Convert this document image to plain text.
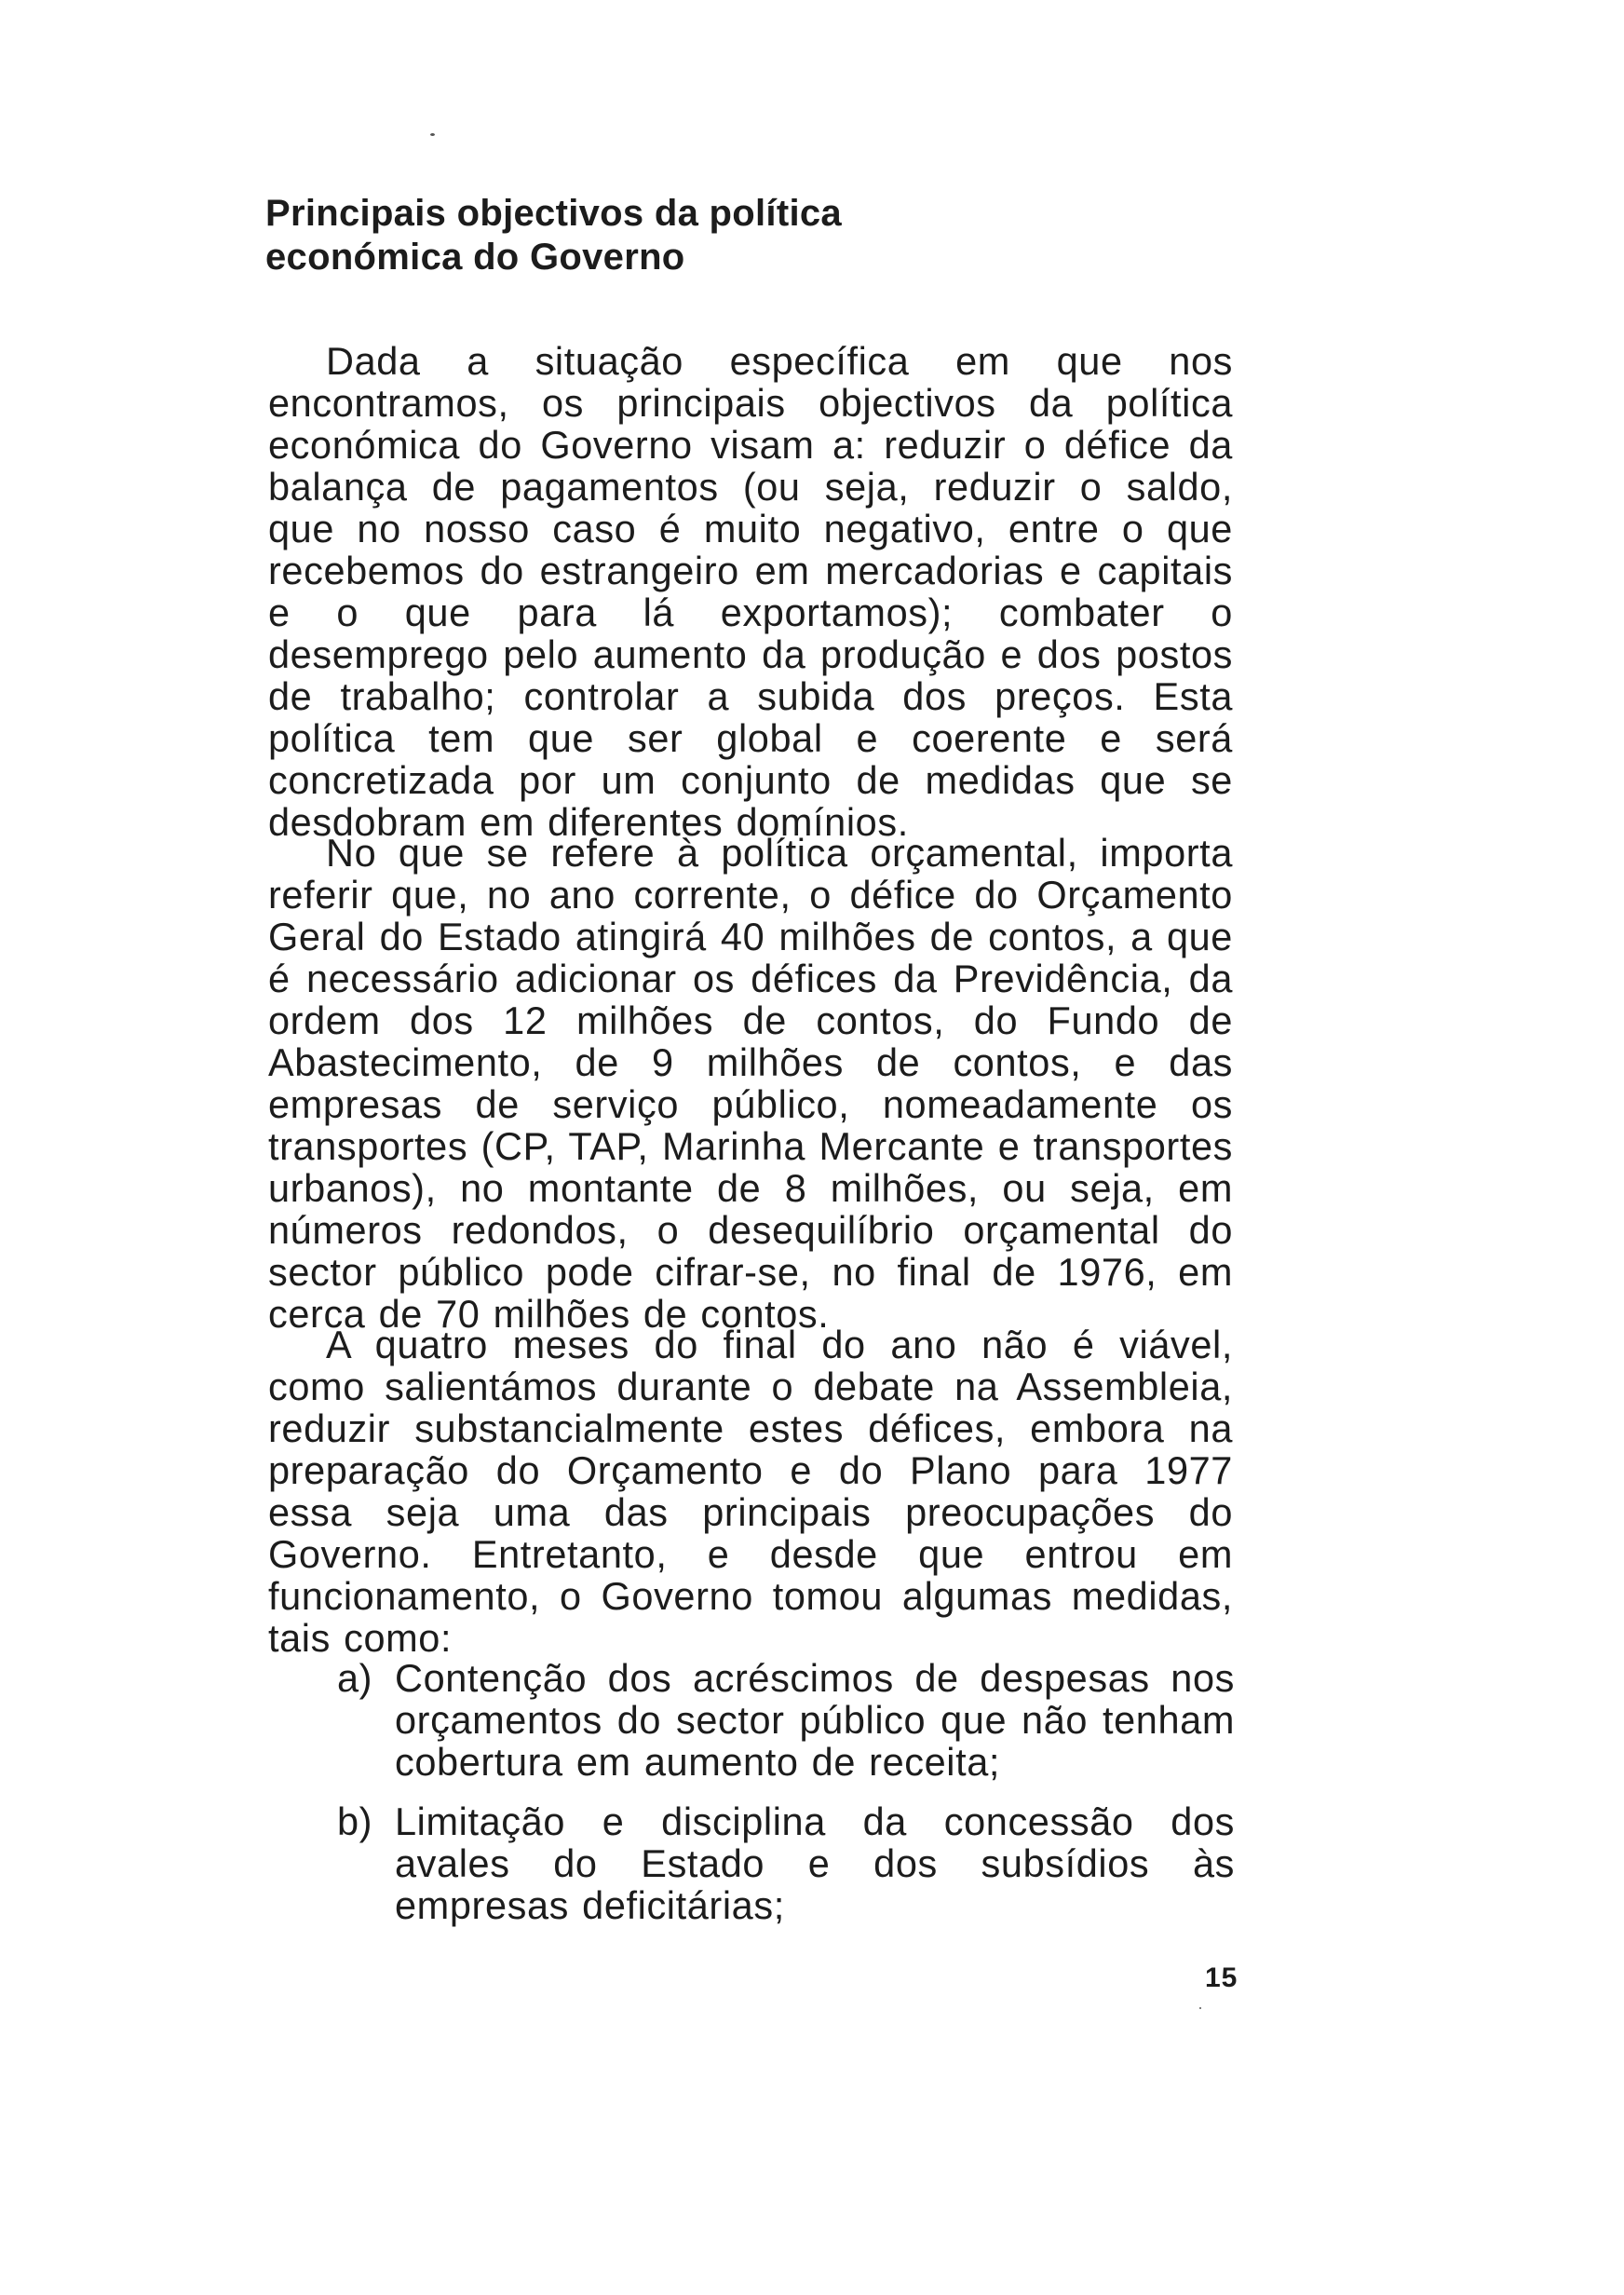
Principais objectivos da política
económica do Governo

Dada a situação específica em que nos encontramos, os principais objectivos da política económica do Governo visam a: reduzir o défice da balança de pagamentos (ou seja, reduzir o saldo, que no nosso caso é muito negativo, entre o que recebemos do estrangeiro em mercadorias e capitais e o que para lá exportamos); combater o desemprego pelo aumento da produção e dos postos de trabalho; controlar a subida dos preços. Esta política tem que ser global e coerente e será concretizada por um conjunto de medidas que se desdobram em diferentes domínios.

No que se refere à política orçamental, importa referir que, no ano corrente, o défice do Orçamento Geral do Estado atingirá 40 milhões de contos, a que é necessário adicionar os défices da Previdência, da ordem dos 12 milhões de contos, do Fundo de Abastecimento, de 9 milhões de contos, e das empresas de serviço público, nomeadamente os transportes (CP, TAP, Marinha Mercante e transportes urbanos), no montante de 8 milhões, ou seja, em números redondos, o desequilíbrio orçamental do sector público pode cifrar-se, no final de 1976, em cerca de 70 milhões de contos.

A quatro meses do final do ano não é viável, como salientámos durante o debate na Assembleia, reduzir substancialmente estes défices, embora na preparação do Orçamento e do Plano para 1977 essa seja uma das principais preocupações do Governo. Entretanto, e desde que entrou em funcionamento, o Governo tomou algumas medidas, tais como:

a) Contenção dos acréscimos de despesas nos orçamentos do sector público que não tenham cobertura em aumento de receita;
b) Limitação e disciplina da concessão dos avales do Estado e dos subsídios às empresas deficitárias;
15
